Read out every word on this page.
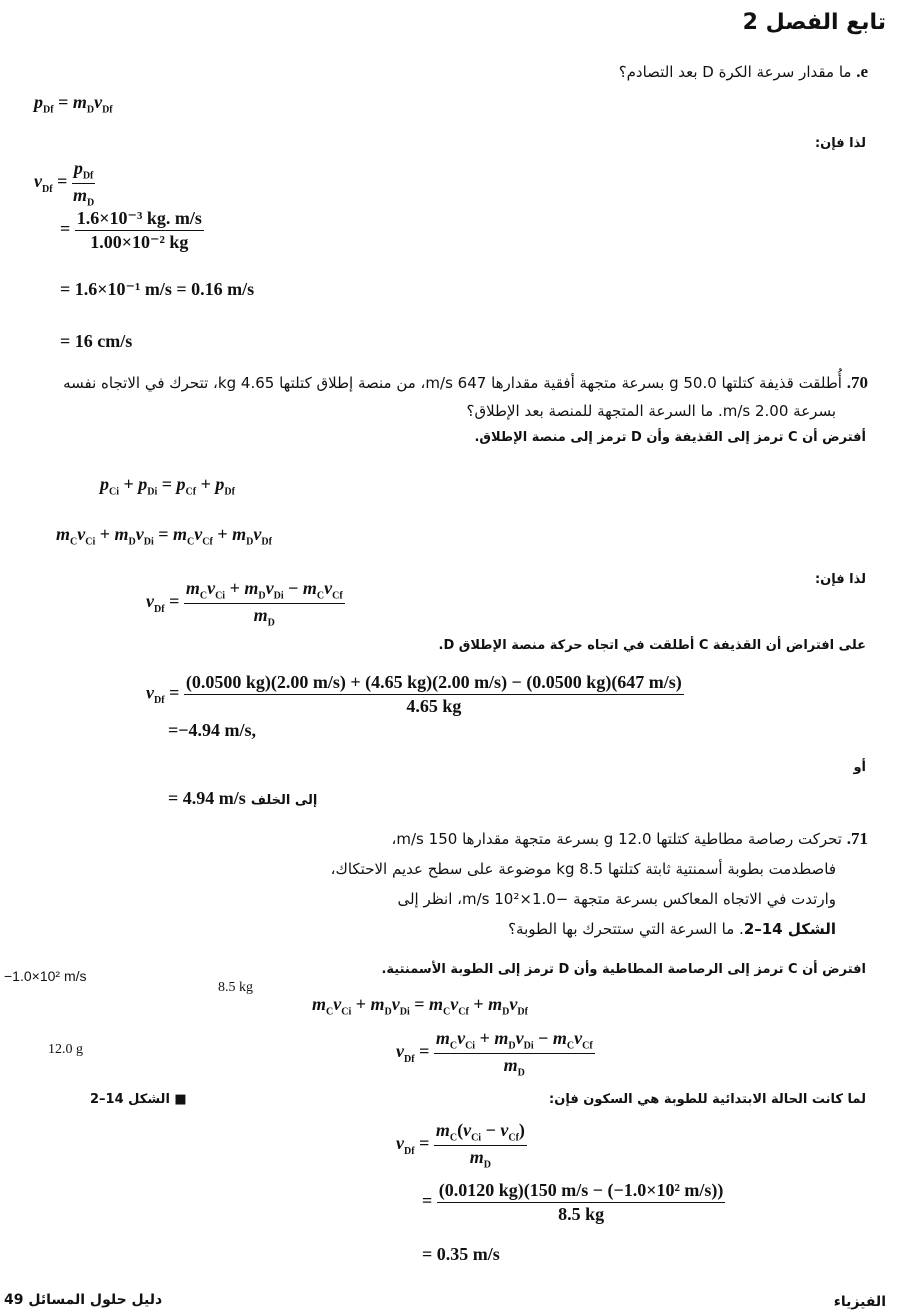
تابع الفصل 2
e. ما مقدار سرعة الكرة D بعد التصادم؟
$p_{Df} = m_Dv_{Df}$
لذا فإن:
$v_{Df} = \frac{p_{Df}}{m_D}$
= $\frac{\text{1.6×10⁻³ kg. m/s}}{\text{1.00×10⁻² kg}}$
= 1.6×10⁻¹ m/s = 0.16 m/s
= 16 cm/s
70. أُطلقت قذيفة كتلتها 50.0 g بسرعة متجهة أفقية مقدارها 647 m/s، من منصة إطلاق كتلتها 4.65 kg، تتحرك في الاتجاه نفسه
بسرعة 2.00 m/s. ما السرعة المتجهة للمنصة بعد الإطلاق؟
أفترض أن C ترمز إلى القذيفة وأن D ترمز إلى منصة الإطلاق.
$p_{Ci} + p_{Di} = p_{Cf} + p_{Df}$
$m_Cv_{Ci} + m_Dv_{Di} = m_Cv_{Cf} + m_Dv_{Df}$
لذا فإن:
$v_{Df} = \frac{m_Cv_{Ci} + m_Dv_{Di} - m_Cv_{Cf}}{m_D}$
على افتراض أن القذيفة C أطلقت في اتجاه حركة منصة الإطلاق D.
$v_{Df}$ =
(0.0500 kg)(2.00 m/s) + (4.65 kg)(2.00 m/s) − (0.0500 kg)(647 m/s)
4.65 kg
=−4.94 m/s,
أو
= 4.94 m/s إلى الخلف
71. تحركت رصاصة مطاطية كتلتها 12.0 g بسرعة متجهة مقدارها 150 m/s،
فاصطدمت بطوبة أسمنتية ثابتة كتلتها 8.5 kg موضوعة على سطح عديم الاحتكاك،
وارتدت في الاتجاه المعاكس بسرعة متجهة −1.0×10² m/s، انظر إلى
الشكل 14–2. ما السرعة التي ستتحرك بها الطوبة؟
افترض أن C ترمز إلى الرصاصة المطاطية وأن D ترمز إلى الطوبة الأسمنتية.
−1.0×10² m/s
8.5 kg
12.0 g
■ الشكل 14–2
$m_Cv_{Ci} + m_Dv_{Di} = m_Cv_{Cf} + m_Dv_{Df}$
$v_{Df} = \frac{m_Cv_{Ci} + m_Dv_{Di} - m_Cv_{Cf}}{m_D}$
لما كانت الحالة الابتدائية للطوبة هي السكون فإن:
$v_{Df} = \frac{m_C(v_{Ci} - v_{Cf})}{m_D}$
= $\frac{\text{(0.0120 kg)(150 m/s − (−1.0×10² m/s))}}{8.5 kg}$
= 0.35 m/s
دليل حلول المسائل 49	الفيزياء
